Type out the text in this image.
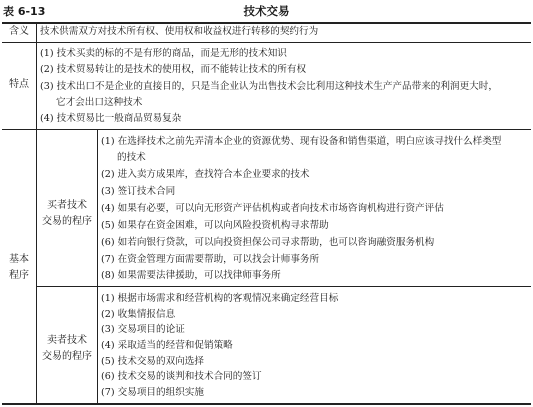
表 6-13	技术交易
含义	技术供需双方对技术所有权、使用权和收益权进行转移的契约行为
特点
(1) 技术买卖的标的不是有形的商品，而是无形的技术知识
(2) 技术贸易转让的是技术的使用权，而不能转让技术的所有权
(3) 技术出口不是企业的直接目的，只是当企业认为出售技术会比利用这种技术生产产品带来的利润更大时，
它才会出口这种技术
(4) 技术贸易比一般商品贸易复杂
基本
程序
买者技术
交易的程序
(1) 在选择技术之前先弄清本企业的资源优势、现有设备和销售渠道，明白应该寻找什么样类型
的技术
(2) 进入卖方成果库，查找符合本企业要求的技术
(3) 签订技术合同
(4) 如果有必要，可以向无形资产评估机构或者向技术市场咨询机构进行资产评估
(5) 如果存在资金困难，可以向风险投资机构寻求帮助
(6) 如若向银行贷款，可以向投资担保公司寻求帮助，也可以咨询融资服务机构
(7) 在资金管理方面需要帮助，可以找会计师事务所
(8) 如果需要法律援助，可以找律师事务所
卖者技术
交易的程序
(1) 根据市场需求和经营机构的客观情况来确定经营目标
(2) 收集情报信息
(3) 交易项目的论证
(4) 采取适当的经营和促销策略
(5) 技术交易的双向选择
(6) 技术交易的谈判和技术合同的签订
(7) 交易项目的组织实施
